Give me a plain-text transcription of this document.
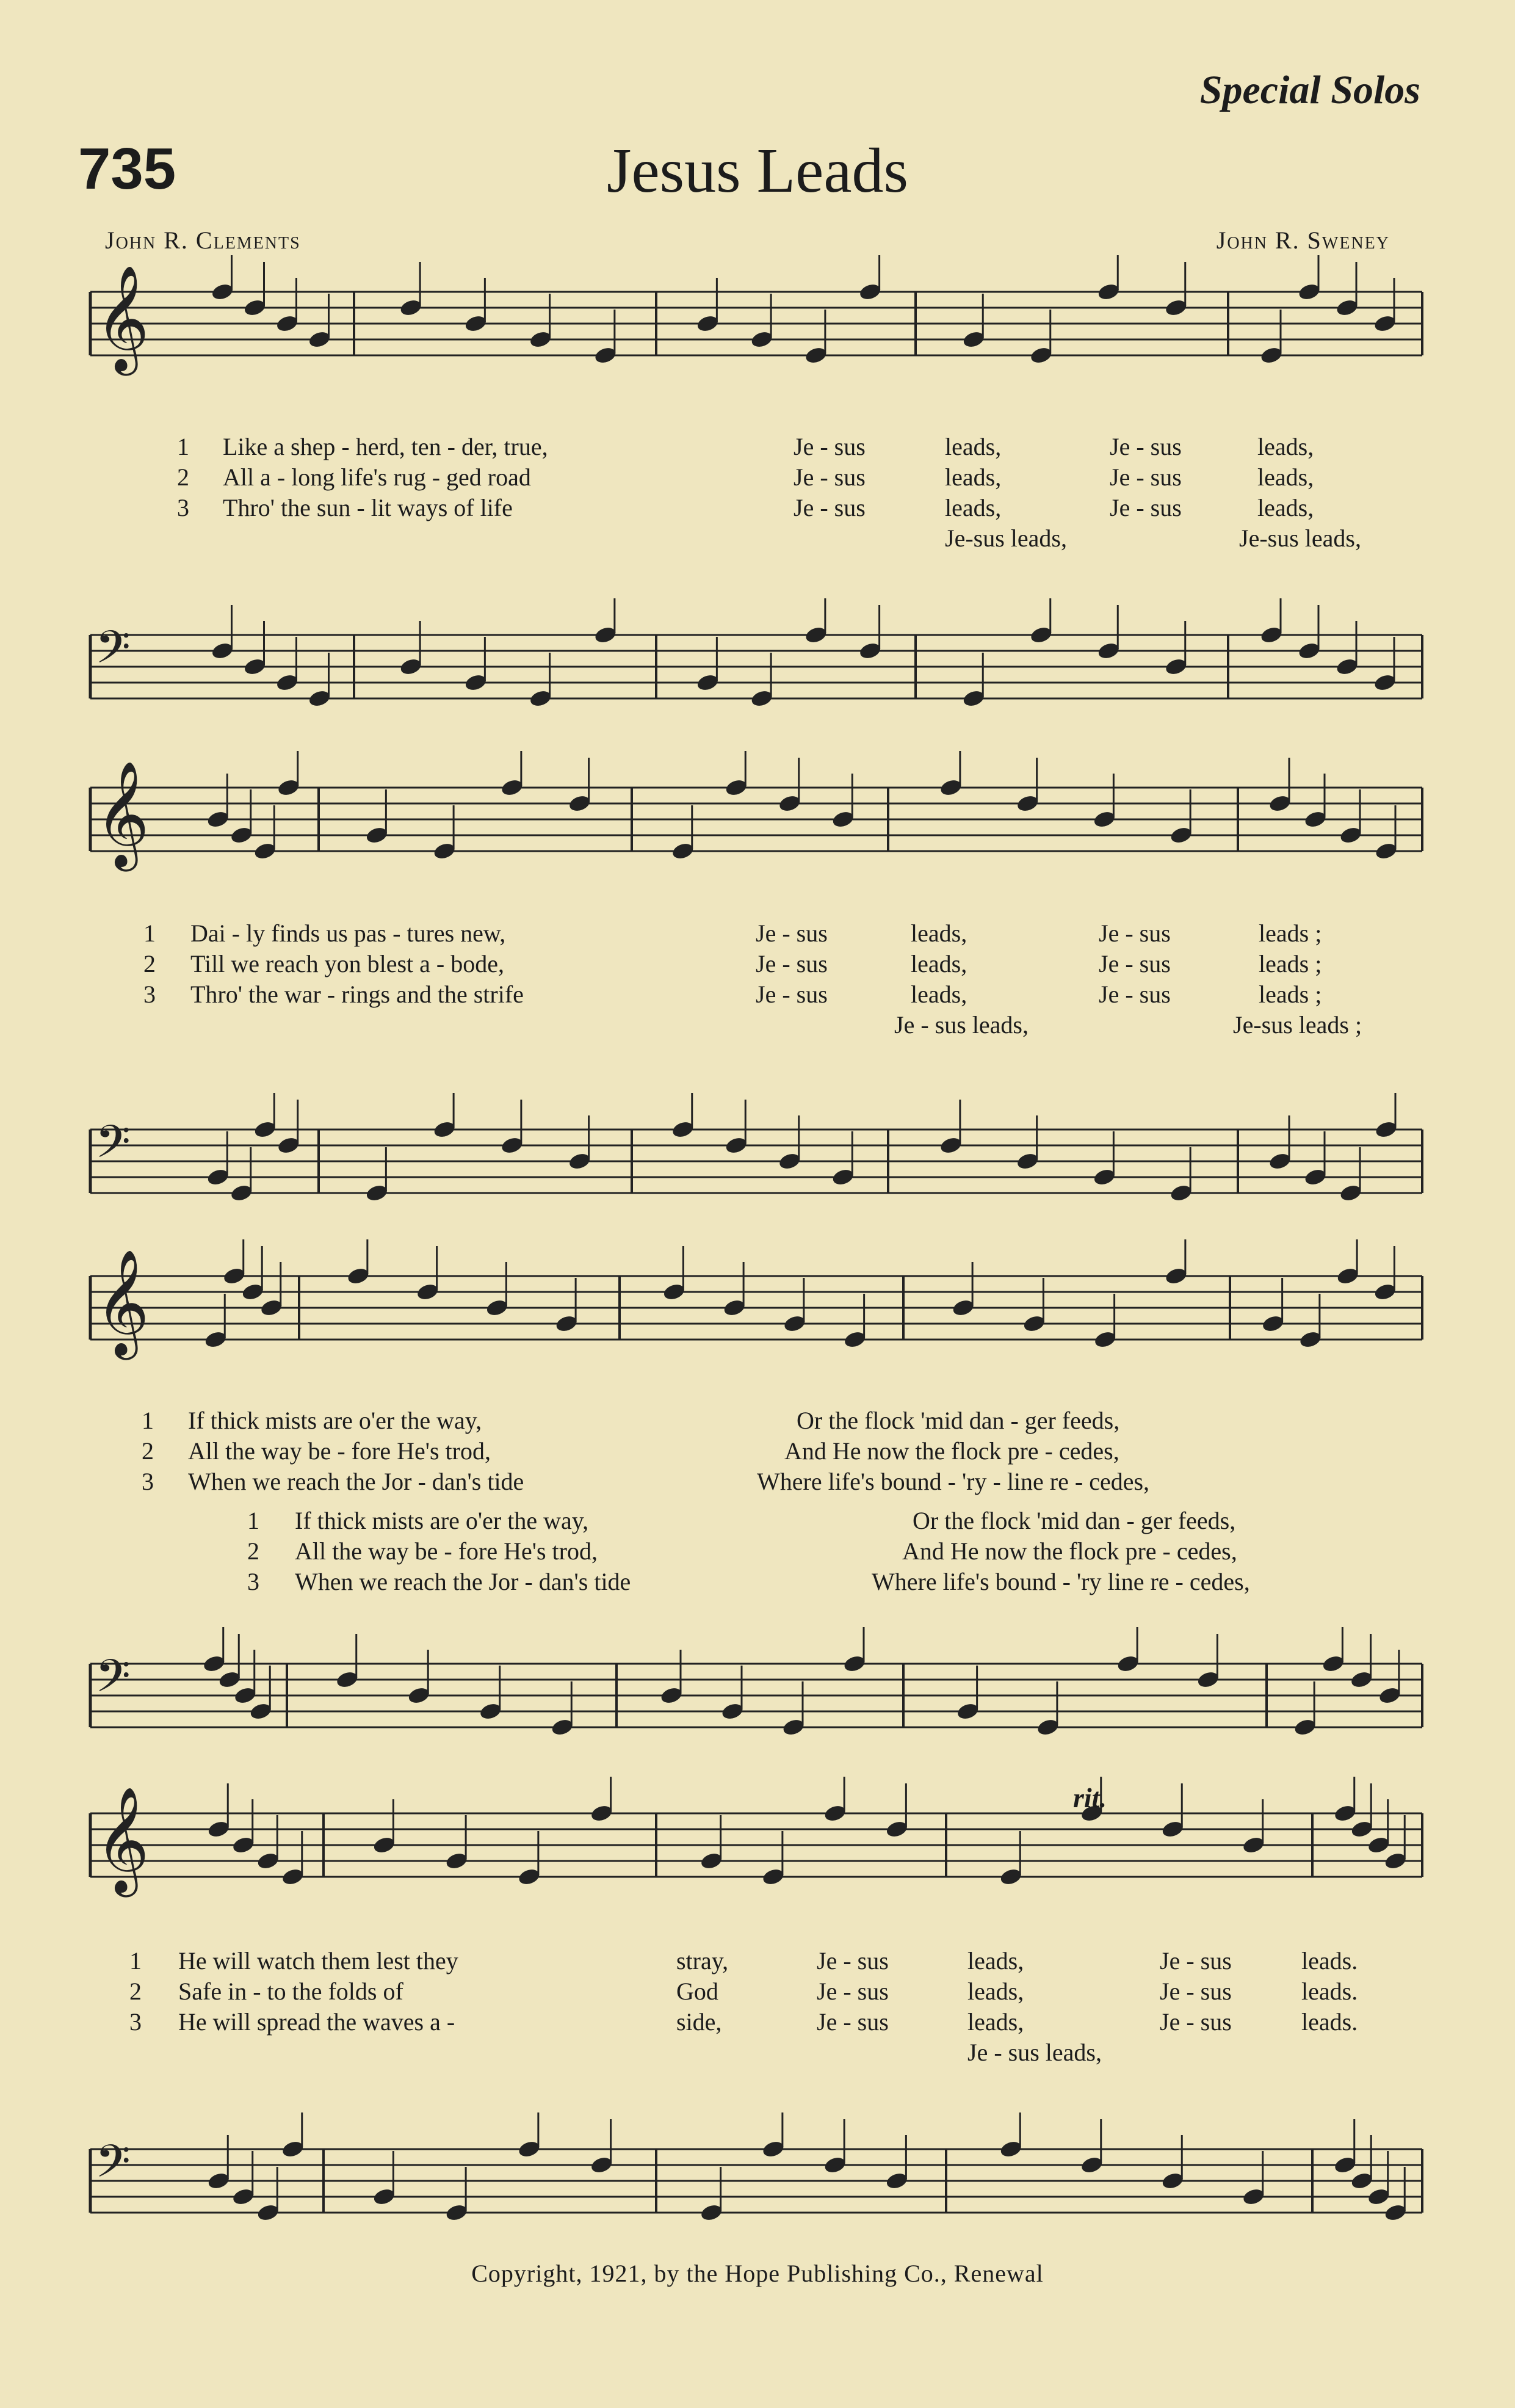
Special Solos
735	Jesus Leads
John R. Clements	John R. Sweney
𝄞
𝄢
𝄞
𝄢
𝄞
𝄢
𝄞
𝄢
1 Like a shep - herd, ten - der, true,	Je - sus	leads,	Je - sus	leads,
2 All a - long life's rug - ged road	Je - sus	leads,	Je - sus	leads,
3 Thro' the sun - lit ways of life	Je - sus	leads,	Je - sus	leads,
Je-sus leads,	Je-sus leads,
1 Dai - ly finds us pas - tures new,	Je - sus	leads,	Je - sus	leads ;
2 Till we reach yon blest a - bode,	Je - sus	leads,	Je - sus	leads ;
3 Thro' the war - rings and the strife	Je - sus	leads,	Je - sus	leads ;
Je - sus leads,	Je-sus leads ;
1 If thick mists are o'er the way,	Or the flock 'mid dan - ger feeds,
2 All the way be - fore He's trod,	And He now the flock pre - cedes,
3 When we reach the Jor - dan's tide	Where life's bound - 'ry - line re - cedes,
1 If thick mists are o'er the way,	Or the flock 'mid dan - ger feeds,
2 All the way be - fore He's trod,	And He now the flock pre - cedes,
3 When we reach the Jor - dan's tide	Where life's bound - 'ry line re - cedes,
1 He will watch them lest they	stray,	Je - sus	leads,	Je - sus	leads.
2 Safe in - to the folds of	God	Je - sus	leads,	Je - sus	leads.
3 He will spread the waves a -	side,	Je - sus	leads,	Je - sus	leads.
Je - sus leads,
rit.
Copyright, 1921, by the Hope Publishing Co., Renewal
